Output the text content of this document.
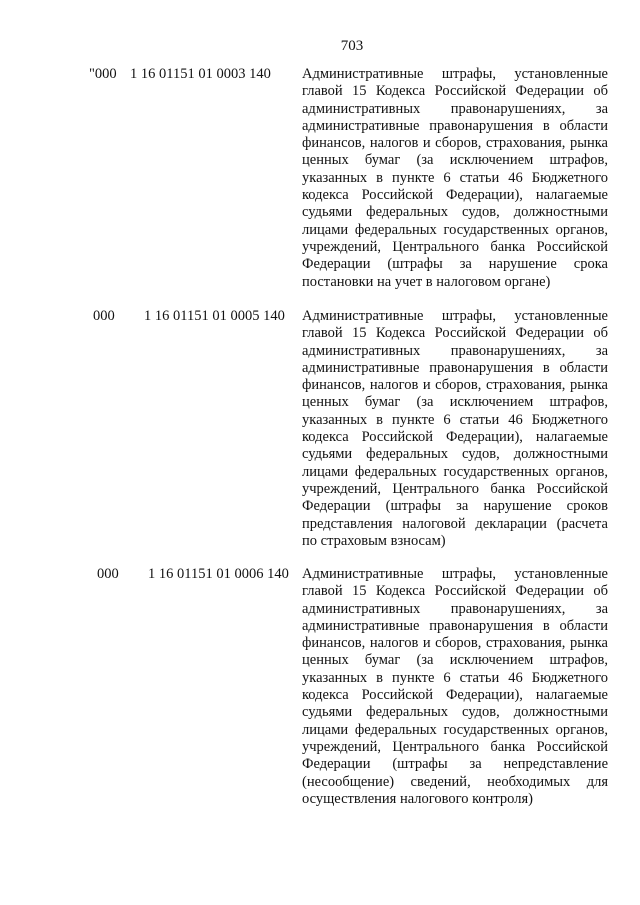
703
"000 1 16 01151 01 0003 140 Административные штрафы, установленные главой 15 Кодекса Российской Федерации об административных правонарушениях, за административные правонарушения в области финансов, налогов и сборов, страхования, рынка ценных бумаг (за исключением штрафов, указанных в пункте 6 статьи 46 Бюджетного кодекса Российской Федерации), налагаемые судьями федеральных судов, должностными лицами федеральных государственных органов, учреждений, Центрального банка Российской Федерации (штрафы за нарушение срока постановки на учет в налоговом органе)
000 1 16 01151 01 0005 140 Административные штрафы, установленные главой 15 Кодекса Российской Федерации об административных правонарушениях, за административные правонарушения в области финансов, налогов и сборов, страхования, рынка ценных бумаг (за исключением штрафов, указанных в пункте 6 статьи 46 Бюджетного кодекса Российской Федерации), налагаемые судьями федеральных судов, должностными лицами федеральных государственных органов, учреждений, Центрального банка Российской Федерации (штрафы за нарушение сроков представления налоговой декларации (расчета по страховым взносам)
000 1 16 01151 01 0006 140 Административные штрафы, установленные главой 15 Кодекса Российской Федерации об административных правонарушениях, за административные правонарушения в области финансов, налогов и сборов, страхования, рынка ценных бумаг (за исключением штрафов, указанных в пункте 6 статьи 46 Бюджетного кодекса Российской Федерации), налагаемые судьями федеральных судов, должностными лицами федеральных государственных органов, учреждений, Центрального банка Российской Федерации (штрафы за непредставление (несообщение) сведений, необходимых для осуществления налогового контроля)
